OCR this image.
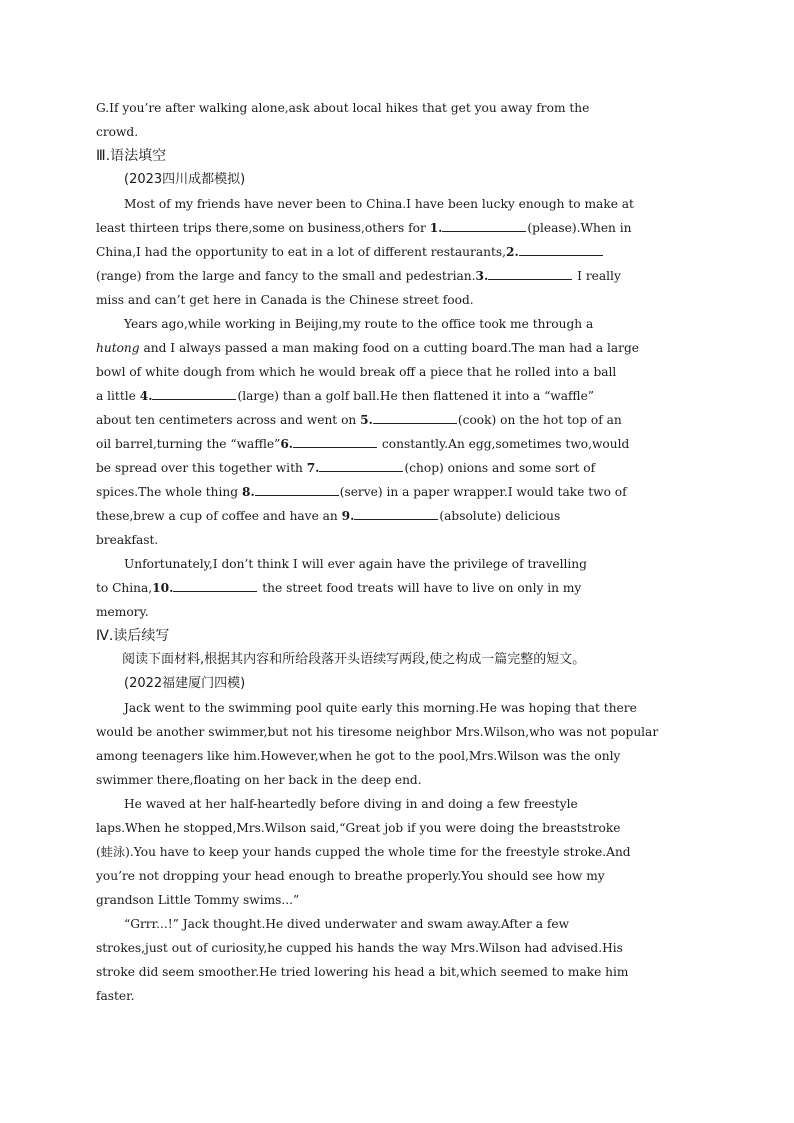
G.If you’re after walking alone,ask about local hikes that get you away from the
crowd.
Ⅲ.语法填空
(2023四川成都模拟)
Most of my friends have never been to China.I have been lucky enough to make at
least thirteen trips there,some on business,others for 1.	(please).When in
China,I had the opportunity to eat in a lot of different restaurants,2.
(range) from the large and fancy to the small and pedestrian.3.	I really
miss and can’t get here in Canada is the Chinese street food.
Years ago,while working in Beijing,my route to the office took me through a
hutong and I always passed a man making food on a cutting board.The man had a large
bowl of white dough from which he would break off a piece that he rolled into a ball
a little 4.	(large) than a golf ball.He then flattened it into a “waffle”
about ten centimeters across and went on 5.	(cook) on the hot top of an
oil barrel,turning the “waffle”6.	constantly.An egg,sometimes two,would
be spread over this together with 7.	(chop) onions and some sort of
spices.The whole thing 8.	(serve) in a paper wrapper.I would take two of
these,brew a cup of coffee and have an 9.	(absolute) delicious
breakfast.
Unfortunately,I don’t think I will ever again have the privilege of travelling
to China,10.	the street food treats will have to live on only in my
memory.
Ⅳ.读后续写
阅读下面材料,根据其内容和所给段落开头语续写两段,使之构成一篇完整的短文。
(2022福建厦门四模)
Jack went to the swimming pool quite early this morning.He was hoping that there
would be another swimmer,but not his tiresome neighbor Mrs.Wilson,who was not popular
among teenagers like him.However,when he got to the pool,Mrs.Wilson was the only
swimmer there,floating on her back in the deep end.
He waved at her half-heartedly before diving in and doing a few freestyle
laps.When he stopped,Mrs.Wilson said,“Great job if you were doing the breaststroke
(蛙泳).You have to keep your hands cupped the whole time for the freestyle stroke.And
you’re not dropping your head enough to breathe properly.You should see how my
grandson Little Tommy swims...”
“Grrr...!” Jack thought.He dived underwater and swam away.After a few
strokes,just out of curiosity,he cupped his hands the way Mrs.Wilson had advised.His
stroke did seem smoother.He tried lowering his head a bit,which seemed to make him
faster.
